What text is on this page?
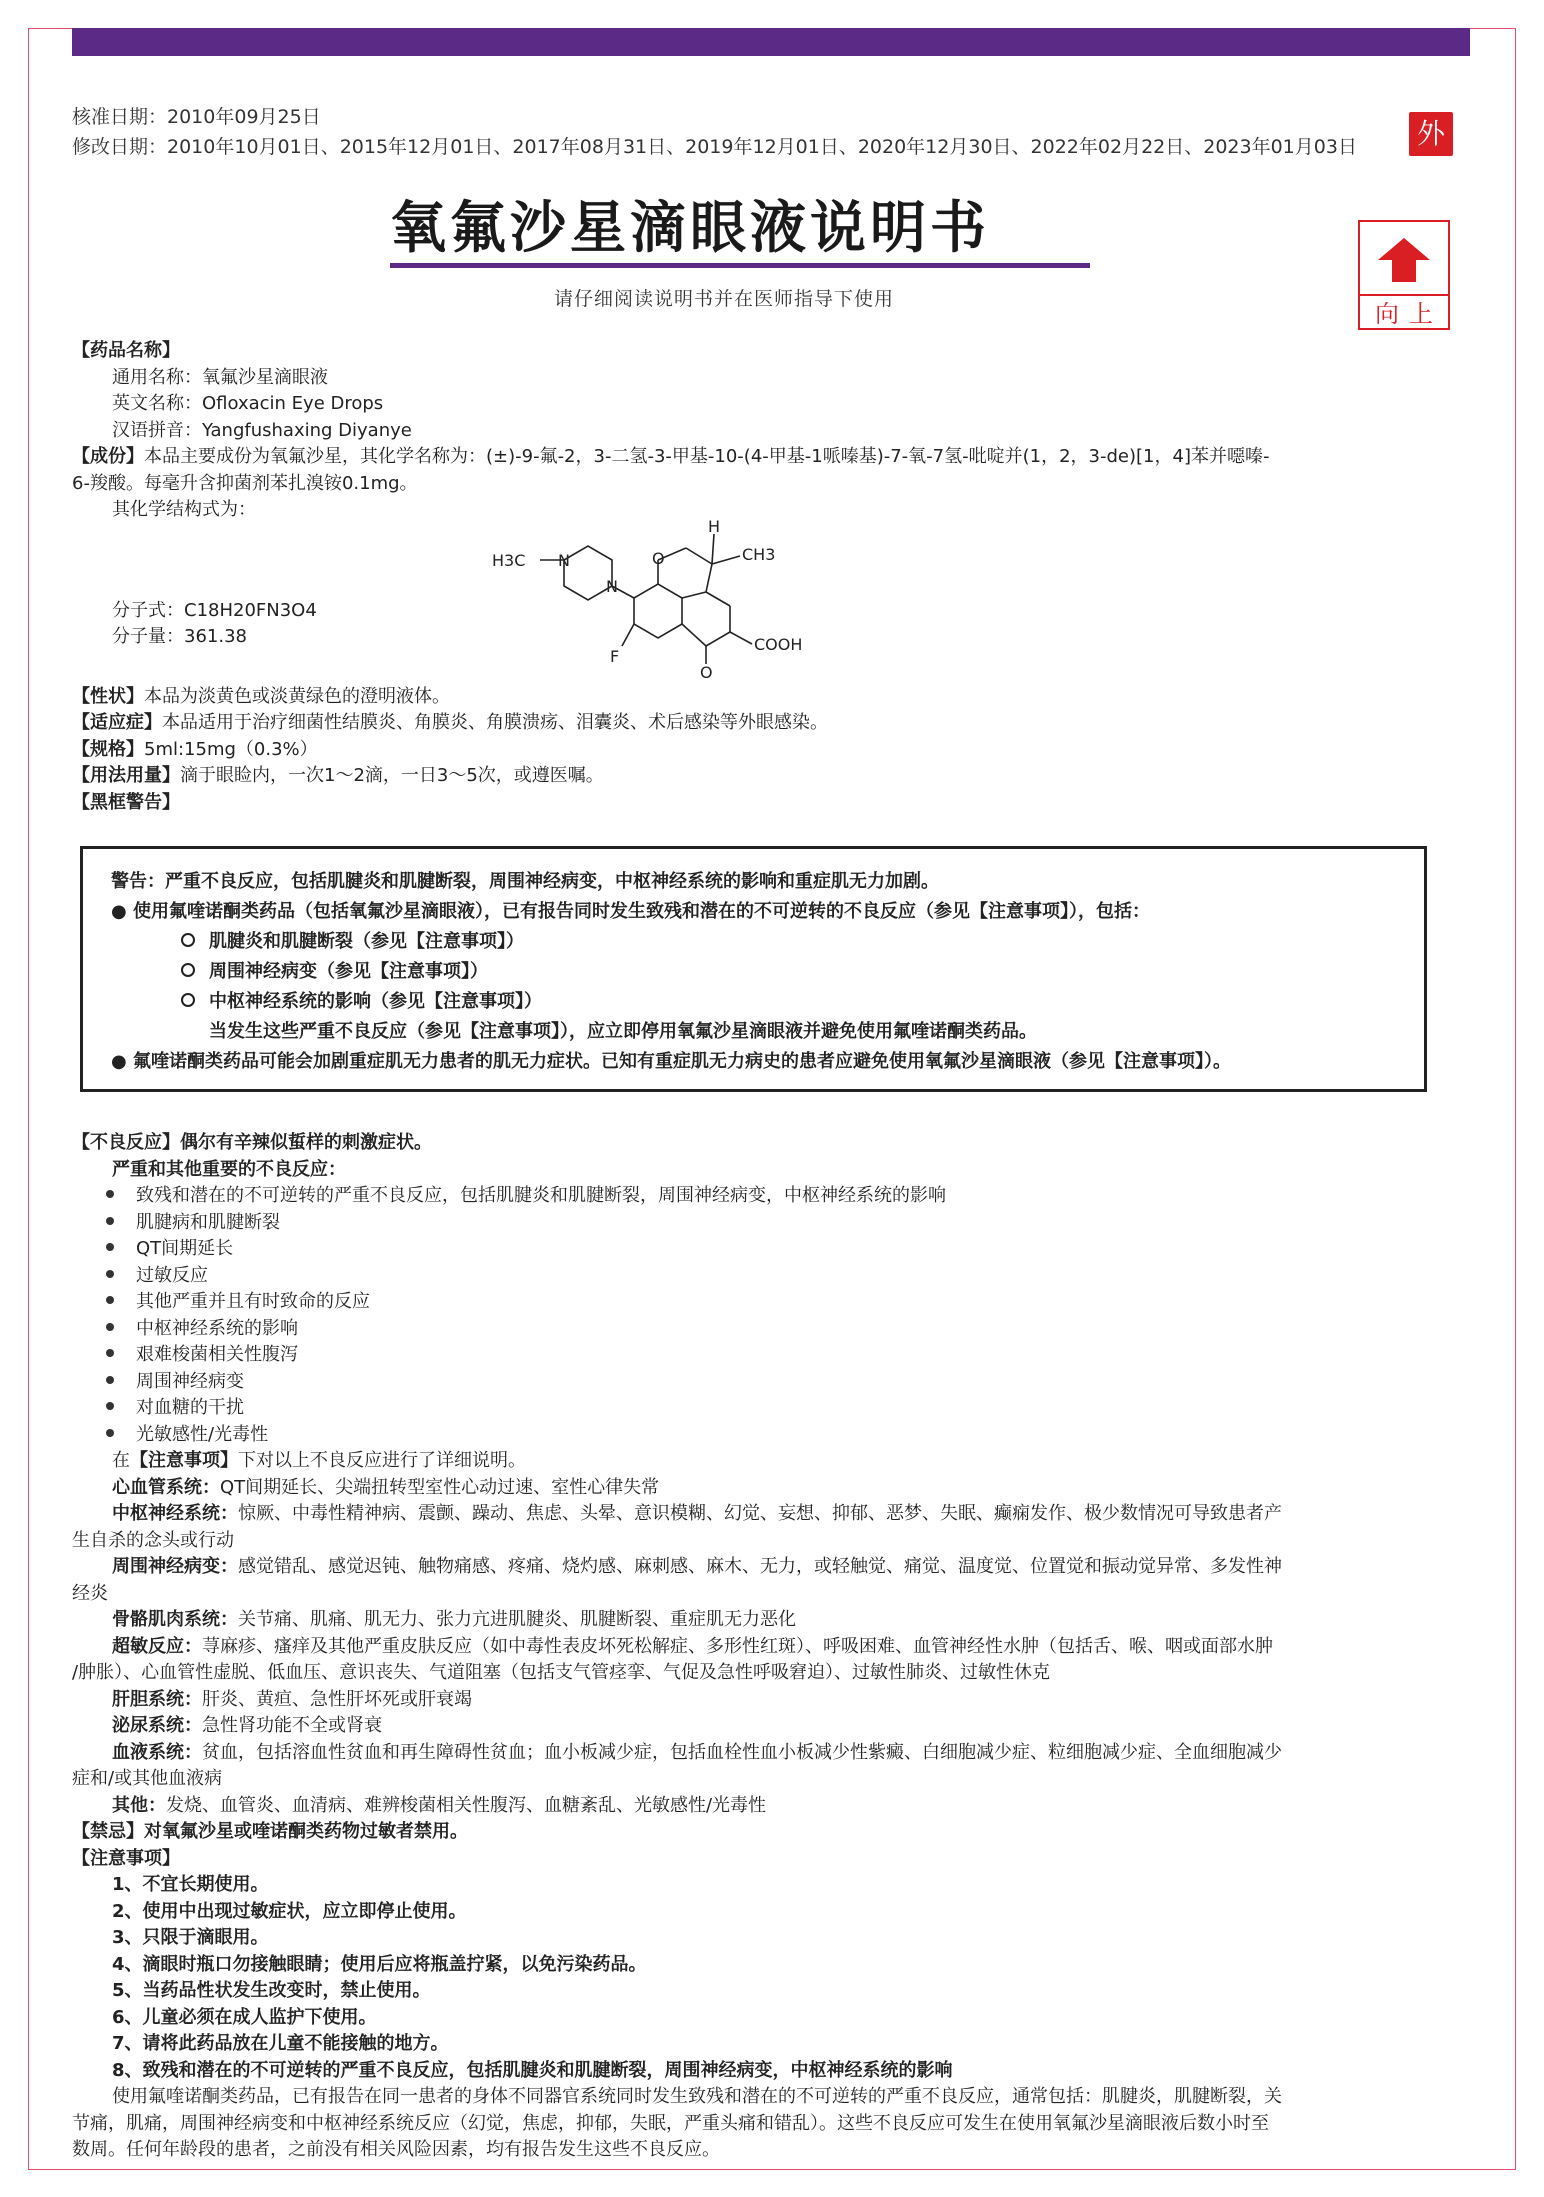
核准日期：2010年09月25日
修改日期：2010年10月01日、2015年12月01日、2017年08月31日、2019年12月01日、2020年12月30日、2022年02月22日、2023年01月03日 外
氧氟沙星滴眼液说明书
请仔细阅读说明书并在医师指导下使用
向上

【药品名称】

通用名称：氧氟沙星滴眼液

英文名称：Ofloxacin Eye Drops

汉语拼音：Yangfushaxing Diyanye

【成份】本品主要成份为氧氟沙星，其化学名称为：(±)-9-氟-2，3-二氢-3-甲基-10-(4-甲基-1哌嗪基)-7-氧-7氢-吡啶并(1，2，3-de)[1，4]苯并噁嗪-

6-羧酸。每毫升含抑菌剂苯扎溴铵0.1mg。

其化学结构式为：

H3C N
N
O
H
CH3
F
O
COOH

分子式：C18H20FN3O4

分子量：361.38

【性状】本品为淡黄色或淡黄绿色的澄明液体。

【适应症】本品适用于治疗细菌性结膜炎、角膜炎、角膜溃疡、泪囊炎、术后感染等外眼感染。

【规格】5ml:15mg（0.3%）

【用法用量】滴于眼睑内，一次1～2滴，一日3～5次，或遵医嘱。

【黑框警告】

警告：严重不良反应，包括肌腱炎和肌腱断裂，周围神经病变，中枢神经系统的影响和重症肌无力加剧。

● 使用氟喹诺酮类药品（包括氧氟沙星滴眼液），已有报告同时发生致残和潜在的不可逆转的不良反应（参见【注意事项】），包括：

肌腱炎和肌腱断裂（参见【注意事项】）

周围神经病变（参见【注意事项】）

中枢神经系统的影响（参见【注意事项】）

当发生这些严重不良反应（参见【注意事项】），应立即停用氧氟沙星滴眼液并避免使用氟喹诺酮类药品。

● 氟喹诺酮类药品可能会加剧重症肌无力患者的肌无力症状。已知有重症肌无力病史的患者应避免使用氧氟沙星滴眼液（参见【注意事项】）。

【不良反应】偶尔有辛辣似蜇样的刺激症状。

严重和其他重要的不良反应：

致残和潜在的不可逆转的严重不良反应，包括肌腱炎和肌腱断裂，周围神经病变，中枢神经系统的影响

肌腱病和肌腱断裂

QT间期延长

过敏反应

其他严重并且有时致命的反应

中枢神经系统的影响

艰难梭菌相关性腹泻

周围神经病变

对血糖的干扰

光敏感性/光毒性

在【注意事项】下对以上不良反应进行了详细说明。

心血管系统：QT间期延长、尖端扭转型室性心动过速、室性心律失常

中枢神经系统：惊厥、中毒性精神病、震颤、躁动、焦虑、头晕、意识模糊、幻觉、妄想、抑郁、恶梦、失眠、癫痫发作、极少数情况可导致患者产

生自杀的念头或行动

周围神经病变：感觉错乱、感觉迟钝、触物痛感、疼痛、烧灼感、麻刺感、麻木、无力，或轻触觉、痛觉、温度觉、位置觉和振动觉异常、多发性神

经炎

骨骼肌肉系统：关节痛、肌痛、肌无力、张力亢进肌腱炎、肌腱断裂、重症肌无力恶化

超敏反应：荨麻疹、瘙痒及其他严重皮肤反应（如中毒性表皮坏死松解症、多形性红斑）、呼吸困难、血管神经性水肿（包括舌、喉、咽或面部水肿

/肿胀）、心血管性虚脱、低血压、意识丧失、气道阻塞（包括支气管痉挛、气促及急性呼吸窘迫）、过敏性肺炎、过敏性休克

肝胆系统：肝炎、黄疸、急性肝坏死或肝衰竭

泌尿系统：急性肾功能不全或肾衰

血液系统：贫血，包括溶血性贫血和再生障碍性贫血；血小板减少症，包括血栓性血小板减少性紫癜、白细胞减少症、粒细胞减少症、全血细胞减少

症和/或其他血液病

其他：发烧、血管炎、血清病、难辨梭菌相关性腹泻、血糖紊乱、光敏感性/光毒性

【禁忌】对氧氟沙星或喹诺酮类药物过敏者禁用。

【注意事项】

1、不宜长期使用。

2、使用中出现过敏症状，应立即停止使用。

3、只限于滴眼用。

4、滴眼时瓶口勿接触眼睛；使用后应将瓶盖拧紧，以免污染药品。

5、当药品性状发生改变时，禁止使用。

6、儿童必须在成人监护下使用。

7、请将此药品放在儿童不能接触的地方。

8、致残和潜在的不可逆转的严重不良反应，包括肌腱炎和肌腱断裂，周围神经病变，中枢神经系统的影响

使用氟喹诺酮类药品，已有报告在同一患者的身体不同器官系统同时发生致残和潜在的不可逆转的严重不良反应，通常包括：肌腱炎，肌腱断裂，关

节痛，肌痛，周围神经病变和中枢神经系统反应（幻觉，焦虑，抑郁，失眠，严重头痛和错乱）。这些不良反应可发生在使用氧氟沙星滴眼液后数小时至

数周。任何年龄段的患者，之前没有相关风险因素，均有报告发生这些不良反应。
